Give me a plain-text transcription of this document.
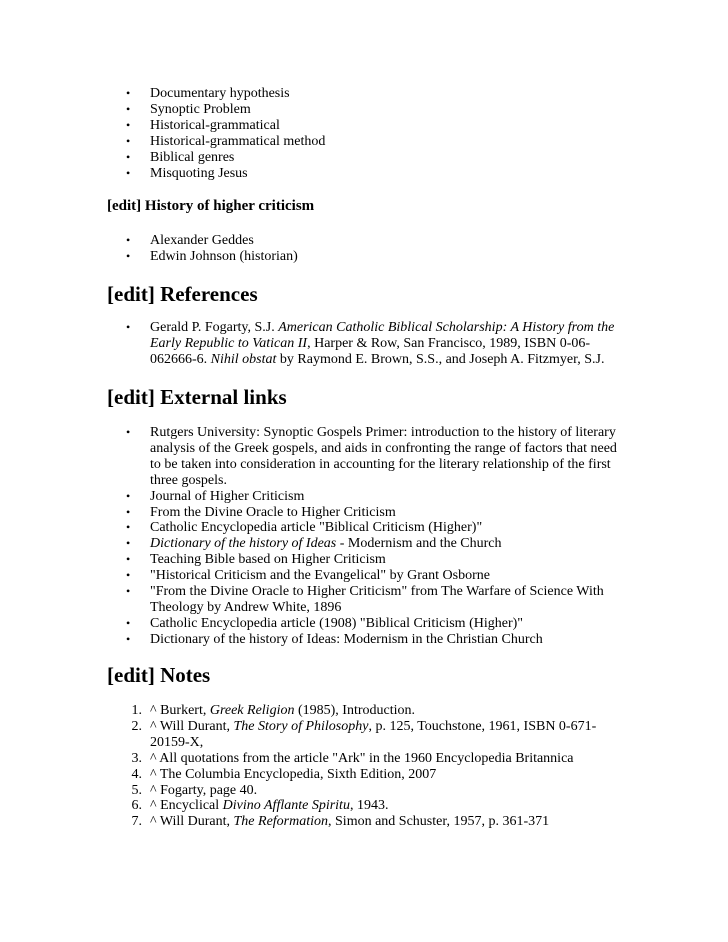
• Documentary hypothesis
• Synoptic Problem
• Historical-grammatical
• Historical-grammatical method
• Biblical genres
• Misquoting Jesus
[edit] History of higher criticism
• Alexander Geddes
• Edwin Johnson (historian)
[edit] References
• Gerald P. Fogarty, S.J. American Catholic Biblical Scholarship: A History from the Early Republic to Vatican II, Harper & Row, San Francisco, 1989, ISBN 0-06-062666-6. Nihil obstat by Raymond E. Brown, S.S., and Joseph A. Fitzmyer, S.J.
[edit] External links
• Rutgers University: Synoptic Gospels Primer: introduction to the history of literary analysis of the Greek gospels, and aids in confronting the range of factors that need to be taken into consideration in accounting for the literary relationship of the first three gospels.
• Journal of Higher Criticism
• From the Divine Oracle to Higher Criticism
• Catholic Encyclopedia article "Biblical Criticism (Higher)"
• Dictionary of the history of Ideas - Modernism and the Church
• Teaching Bible based on Higher Criticism
• "Historical Criticism and the Evangelical" by Grant Osborne
• "From the Divine Oracle to Higher Criticism" from The Warfare of Science With Theology by Andrew White, 1896
• Catholic Encyclopedia article (1908) "Biblical Criticism (Higher)"
• Dictionary of the history of Ideas: Modernism in the Christian Church
[edit] Notes
1. ^ Burkert, Greek Religion (1985), Introduction.
2. ^ Will Durant, The Story of Philosophy, p. 125, Touchstone, 1961, ISBN 0-671-20159-X,
3. ^ All quotations from the article "Ark" in the 1960 Encyclopedia Britannica
4. ^ The Columbia Encyclopedia, Sixth Edition, 2007
5. ^ Fogarty, page 40.
6. ^ Encyclical Divino Afflante Spiritu, 1943.
7. ^ Will Durant, The Reformation, Simon and Schuster, 1957, p. 361-371
